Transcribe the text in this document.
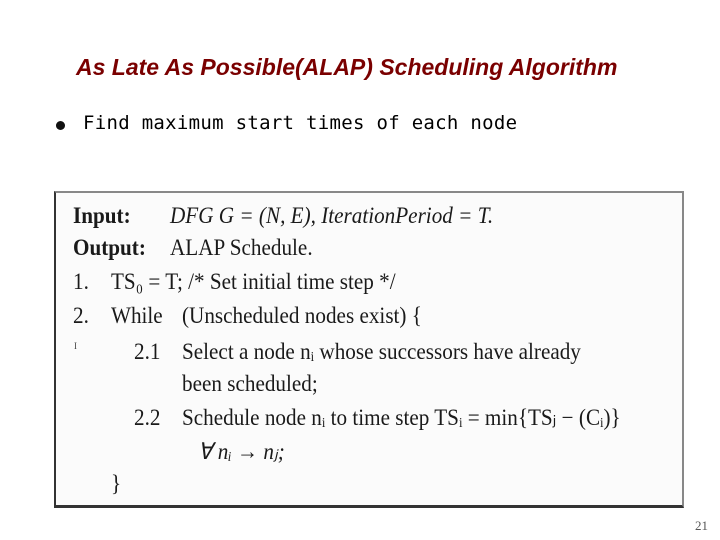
As Late As Possible(ALAP) Scheduling Algorithm
Find maximum start times of each node
Input: DFG G = (N, E), IterationPeriod = T.
Output: ALAP Schedule.
1. TS₀ = T; /* Set initial time step */
2. While (Unscheduled nodes exist) {
I 2.1 Select a node nᵢ whose successors have already
been scheduled;
2.2 Schedule node nᵢ to time step TSᵢ = min{TSⱼ − (Cᵢ)}
∀ nᵢ → nⱼ;
}
21
